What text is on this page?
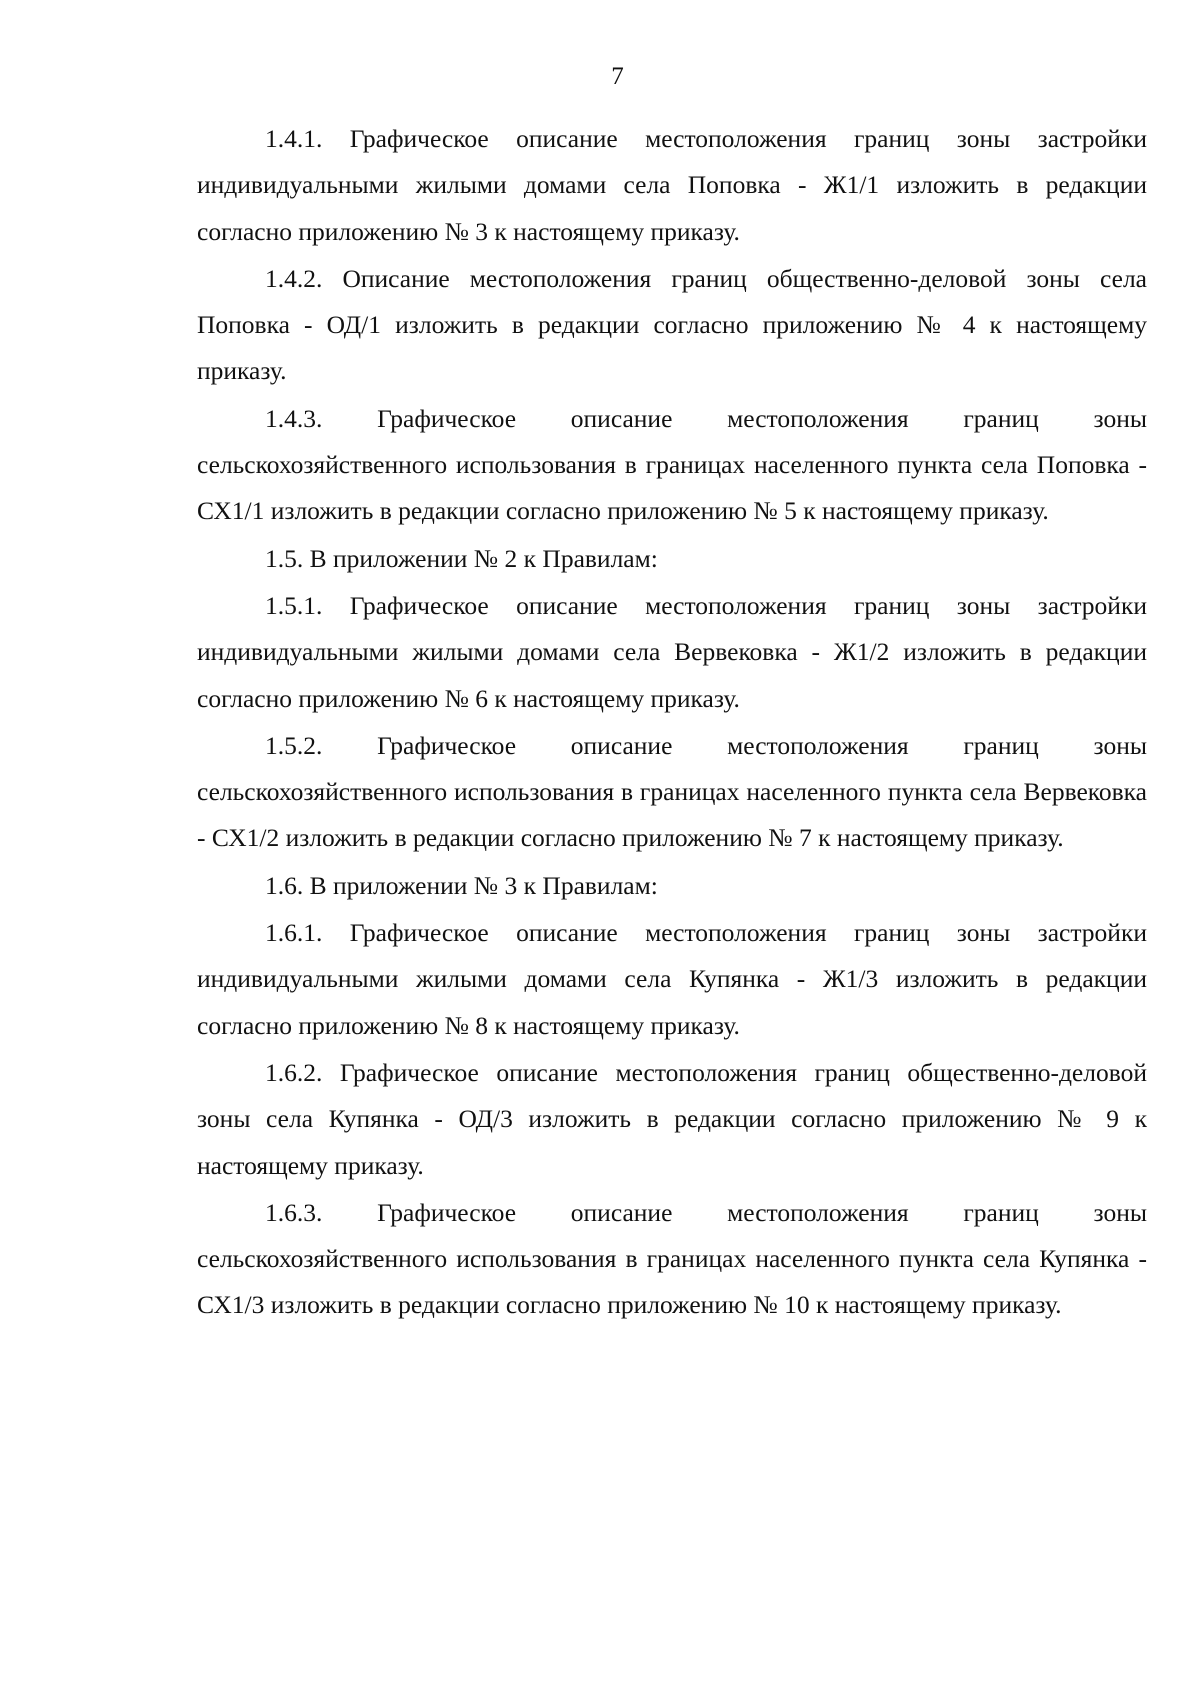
7

1.4.1. Графическое описание местоположения границ зоны застройки индивидуальными жилыми домами села Поповка - Ж1/1 изложить в редакции согласно приложению № 3 к настоящему приказу.

1.4.2. Описание местоположения границ общественно-деловой зоны села Поповка - ОД/1 изложить в редакции согласно приложению № 4 к настоящему приказу.

1.4.3. Графическое описание местоположения границ зоны сельскохозяйственного использования в границах населенного пункта села Поповка - СХ1/1 изложить в редакции согласно приложению № 5 к настоящему приказу.

1.5. В приложении № 2 к Правилам:

1.5.1. Графическое описание местоположения границ зоны застройки индивидуальными жилыми домами села Вервековка - Ж1/2 изложить в редакции согласно приложению № 6 к настоящему приказу.

1.5.2. Графическое описание местоположения границ зоны сельскохозяйственного использования в границах населенного пункта села Вервековка - СХ1/2 изложить в редакции согласно приложению № 7 к настоящему приказу.

1.6. В приложении № 3 к Правилам:

1.6.1. Графическое описание местоположения границ зоны застройки индивидуальными жилыми домами села Купянка - Ж1/3 изложить в редакции согласно приложению № 8 к настоящему приказу.

1.6.2. Графическое описание местоположения границ общественно-деловой зоны села Купянка - ОД/3 изложить в редакции согласно приложению № 9 к настоящему приказу.

1.6.3. Графическое описание местоположения границ зоны сельскохозяйственного использования в границах населенного пункта села Купянка - СХ1/3 изложить в редакции согласно приложению № 10 к настоящему приказу.
